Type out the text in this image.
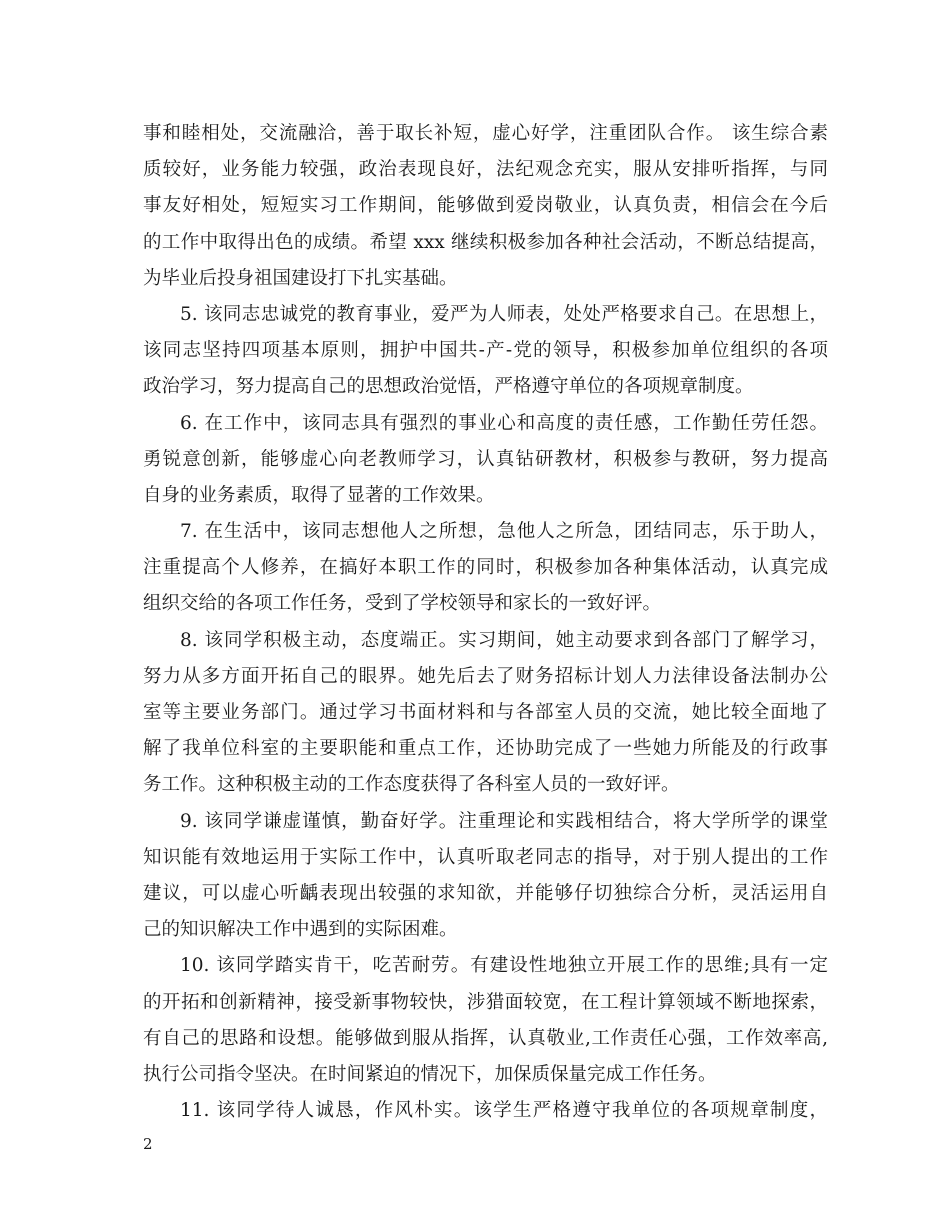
事和睦相处，交流融洽，善于取长补短，虚心好学，注重团队合作。 该生综合素
质较好，业务能力较强，政治表现良好，法纪观念充实，服从安排听指挥，与同
事友好相处，短短实习工作期间，能够做到爱岗敬业，认真负责，相信会在今后
的工作中取得出色的成绩。希望 xxx 继续积极参加各种社会活动，不断总结提高，
为毕业后投身祖国建设打下扎实基础。
5. 该同志忠诚党的教育事业，爱严为人师表，处处严格要求自己。在思想上，
该同志坚持四项基本原则，拥护中国共-产-党的领导，积极参加单位组织的各项
政治学习，努力提高自己的思想政治觉悟，严格遵守单位的各项规章制度。
6. 在工作中，该同志具有强烈的事业心和高度的责任感，工作勤任劳任怨。
勇锐意创新，能够虚心向老教师学习，认真钻研教材，积极参与教研，努力提高
自身的业务素质，取得了显著的工作效果。
7. 在生活中，该同志想他人之所想，急他人之所急，团结同志，乐于助人，
注重提高个人修养，在搞好本职工作的同时，积极参加各种集体活动，认真完成
组织交给的各项工作任务，受到了学校领导和家长的一致好评。
8. 该同学积极主动，态度端正。实习期间，她主动要求到各部门了解学习，
努力从多方面开拓自己的眼界。她先后去了财务招标计划人力法律设备法制办公
室等主要业务部门。通过学习书面材料和与各部室人员的交流，她比较全面地了
解了我单位科室的主要职能和重点工作，还协助完成了一些她力所能及的行政事
务工作。这种积极主动的工作态度获得了各科室人员的一致好评。
9. 该同学谦虚谨慎，勤奋好学。注重理论和实践相结合，将大学所学的课堂
知识能有效地运用于实际工作中，认真听取老同志的指导，对于别人提出的工作
建议，可以虚心听齲表现出较强的求知欲，并能够仔切独综合分析，灵活运用自
己的知识解决工作中遇到的实际困难。
10. 该同学踏实肯干，吃苦耐劳。有建设性地独立开展工作的思维;具有一定
的开拓和创新精神，接受新事物较快，涉猎面较宽，在工程计算领域不断地探索，
有自己的思路和设想。能够做到服从指挥，认真敬业,工作责任心强，工作效率高,
执行公司指令坚决。在时间紧迫的情况下，加保质保量完成工作任务。
11. 该同学待人诚恳，作风朴实。该学生严格遵守我单位的各项规章制度，
2
